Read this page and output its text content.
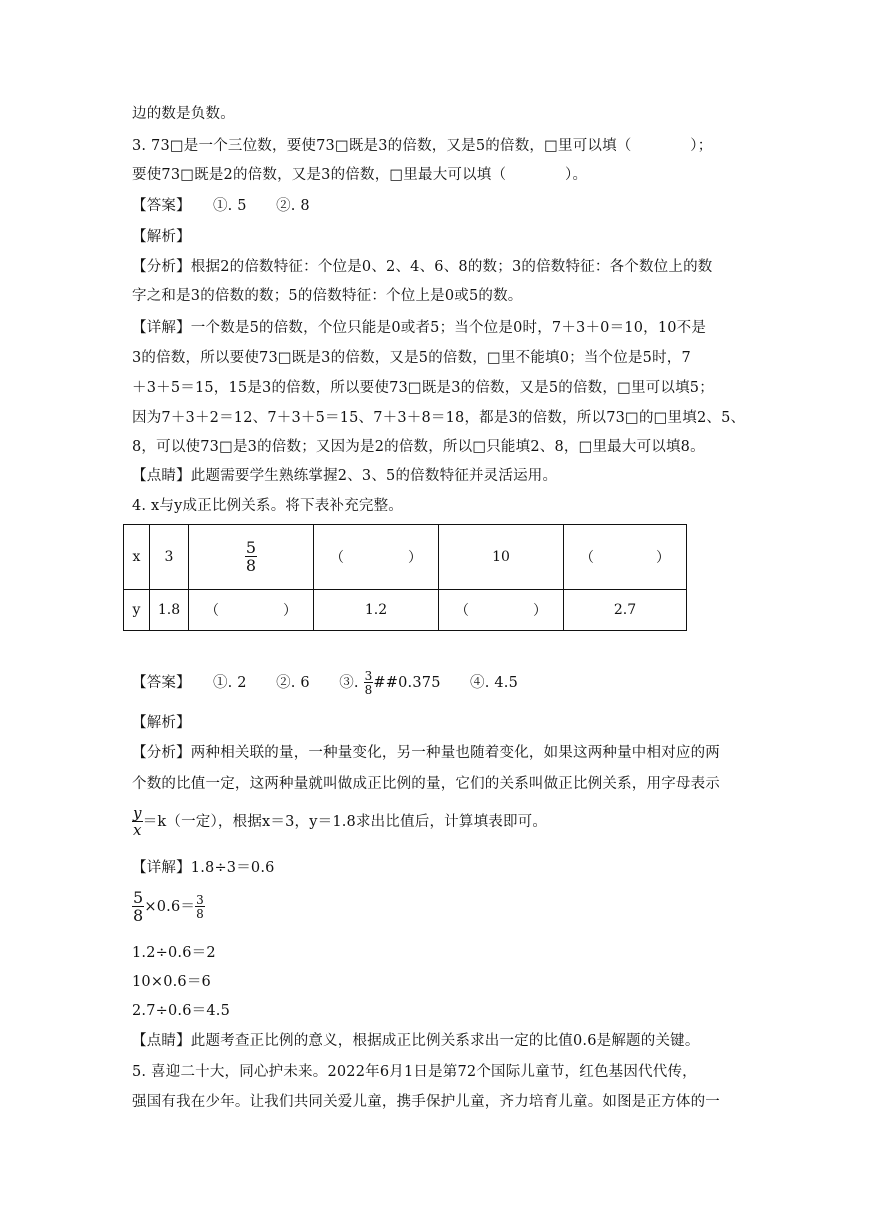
边的数是负数。
3. 73□是一个三位数，要使73□既是3的倍数，又是5的倍数，□里可以填（　　　　）；
要使73□既是2的倍数，又是3的倍数，□里最大可以填（　　　　）。
【答案】　　①. 5　　②. 8
【解析】
【分析】根据2的倍数特征：个位是0、2、4、6、8的数；3的倍数特征：各个数位上的数
字之和是3的倍数的数；5的倍数特征：个位上是0或5的数。
【详解】一个数是5的倍数，个位只能是0或者5；当个位是0时，7＋3＋0＝10，10不是
3的倍数，所以要使73□既是3的倍数，又是5的倍数，□里不能填0；当个位是5时，7
＋3＋5＝15，15是3的倍数，所以要使73□既是3的倍数，又是5的倍数，□里可以填5；
因为7＋3＋2＝12、7＋3＋5＝15、7＋3＋8＝18，都是3的倍数，所以73□的□里填2、5、
8，可以使73□是3的倍数；又因为是2的倍数，所以□只能填2、8，□里最大可以填8。
【点睛】此题需要学生熟练掌握2、3、5的倍数特征并灵活运用。
4. x与y成正比例关系。将下表补充完整。
x	3	$\frac{5}{8}$	（ ）	10	（ ）

y	1.8	（ ）	1.2	（ ）	2.7
【答案】　　①. 2　　②. 6　　③. $\frac{3}{8}$ ##0.375　　④. 4.5
【解析】
【分析】两种相关联的量，一种量变化，另一种量也随着变化，如果这两种量中相对应的两
个数的比值一定，这两种量就叫做成正比例的量，它们的关系叫做正比例关系，用字母表示
$\frac{y}{x} =k$（一定），根据x＝3，y＝1.8求出比值后，计算填表即可。
【详解】1.8÷3＝0.6
$\frac{5}{8} \times 0.6= \frac{3}{8}$
1.2÷0.6＝2
10×0.6＝6
2.7÷0.6＝4.5
【点睛】此题考查正比例的意义，根据成正比例关系求出一定的比值0.6是解题的关键。
5. 喜迎二十大，同心护未来。2022年6月1日是第72个国际儿童节，红色基因代代传，
强国有我在少年。让我们共同关爱儿童，携手保护儿童，齐力培育儿童。如图是正方体的一
